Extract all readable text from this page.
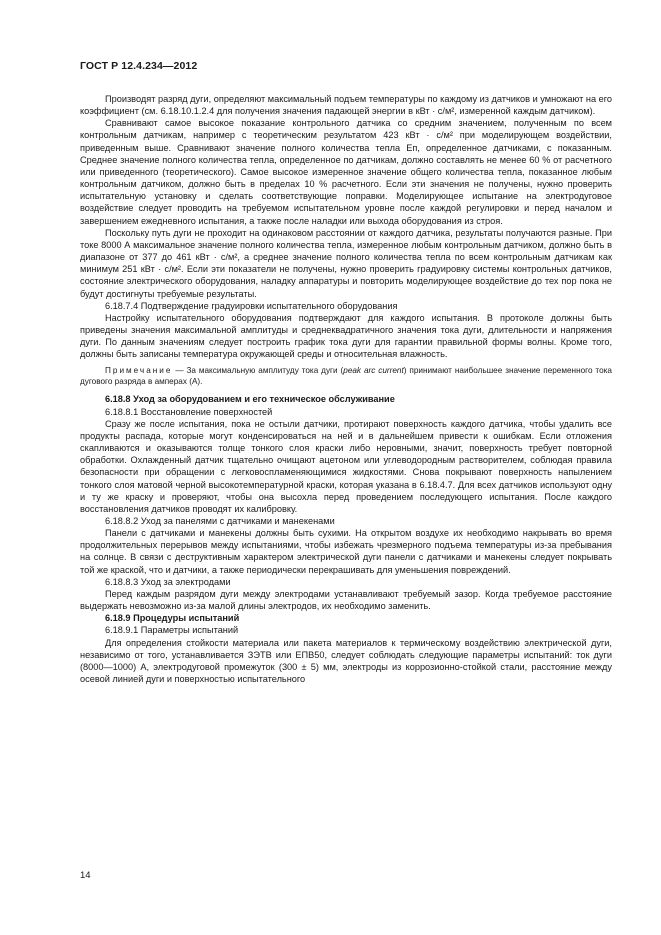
ГОСТ Р 12.4.234—2012

Производят разряд дуги, определяют максимальный подъем температуры по каждому из датчиков и умножают на его коэффициент (см. 6.18.10.1.2.4 для получения значения падающей энергии в кВт · с/м², измеренной каждым датчиком).

Сравнивают самое высокое показание контрольного датчика со средним значением, полученным по всем контрольным датчикам, например с теоретическим результатом 423 кВт · с/м² при моделирующем воздействии, приведенным выше. Сравнивают значение полного количества тепла Eп, определенное датчиками, с показанным. Среднее значение полного количества тепла, определенное по датчикам, должно составлять не менее 60 % от расчетного или приведенного (теоретического). Самое высокое измеренное значение общего количества тепла, показанное любым контрольным датчиком, должно быть в пределах 10 % расчетного. Если эти значения не получены, нужно проверить испытательную установку и сделать соответствующие поправки. Моделирующее испытание на электродуговое воздействие следует проводить на требуемом испытательном уровне после каждой регулировки и перед началом и завершением ежедневного испытания, а также после наладки или выхода оборудования из строя.

Поскольку путь дуги не проходит на одинаковом расстоянии от каждого датчика, результаты получаются разные. При токе 8000 А максимальное значение полного количества тепла, измеренное любым контрольным датчиком, должно быть в диапазоне от 377 до 461 кВт · с/м², а среднее значение полного количества тепла по всем контрольным датчикам как минимум 251 кВт · с/м². Если эти показатели не получены, нужно проверить градуировку системы контрольных датчиков, состояние электрического оборудования, наладку аппаратуры и повторить моделирующее воздействие до тех пор пока не будут достигнуты требуемые результаты.

6.18.7.4 Подтверждение градуировки испытательного оборудования

Настройку испытательного оборудования подтверждают для каждого испытания. В протоколе должны быть приведены значения максимальной амплитуды и среднеквадратичного значения тока дуги, длительности и напряжения дуги. По данным значениям следует построить график тока дуги для гарантии правильной формы волны. Кроме того, должны быть записаны температура окружающей среды и относительная влажность.

Примечание — За максимальную амплитуду тока дуги (peak arc current) принимают наибольшее значение переменного тока дугового разряда в амперах (А).

6.18.8 Уход за оборудованием и его техническое обслуживание

6.18.8.1 Восстановление поверхностей

Сразу же после испытания, пока не остыли датчики, протирают поверхность каждого датчика, чтобы удалить все продукты распада, которые могут конденсироваться на ней и в дальнейшем привести к ошибкам. Если отложения скапливаются и оказываются толще тонкого слоя краски либо неровными, значит, поверхность требует повторной обработки. Охлажденный датчик тщательно очищают ацетоном или углеводородным растворителем, соблюдая правила безопасности при обращении с легковоспламеняющимися жидкостями. Снова покрывают поверхность напылением тонкого слоя матовой черной высокотемпературной краски, которая указана в 6.18.4.7. Для всех датчиков используют одну и ту же краску и проверяют, чтобы она высохла перед проведением последующего испытания. После каждого восстановления датчиков проводят их калибровку.

6.18.8.2 Уход за панелями с датчиками и манекенами

Панели с датчиками и манекены должны быть сухими. На открытом воздухе их необходимо накрывать во время продолжительных перерывов между испытаниями, чтобы избежать чрезмерного подъема температуры из-за пребывания на солнце. В связи с деструктивным характером электрической дуги панели с датчиками и манекены следует покрывать той же краской, что и датчики, а также периодически перекрашивать для уменьшения повреждений.

6.18.8.3 Уход за электродами

Перед каждым разрядом дуги между электродами устанавливают требуемый зазор. Когда требуемое расстояние выдержать невозможно из-за малой длины электродов, их необходимо заменить.

6.18.9 Процедуры испытаний

6.18.9.1 Параметры испытаний

Для определения стойкости материала или пакета материалов к термическому воздействию электрической дуги, независимо от того, устанавливается ЗЭТВ или EПВ50, следует соблюдать следующие параметры испытаний: ток дуги (8000—1000) А, электродуговой промежуток (300 ± 5) мм, электроды из коррозионно-стойкой стали, расстояние между осевой линией дуги и поверхностью испытательного

14
